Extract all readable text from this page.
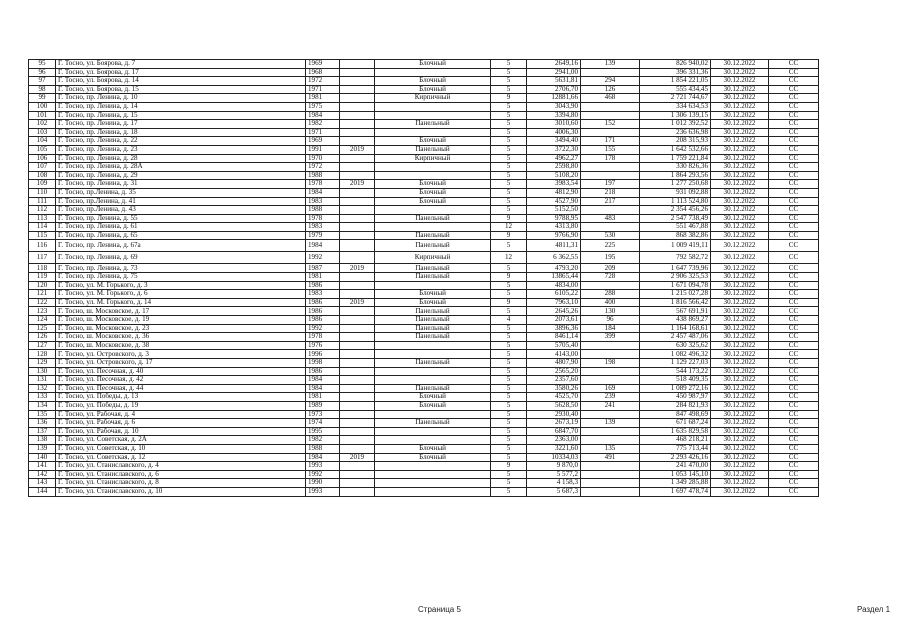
95	Г. Тосно, ул. Боярова, д. 7	1969		Блочный	5	2649,16	139	826 940,02	30.12.2022	СС
96	Г. Тосно, ул. Боярова, д. 17	1968			5	2941,00		396 331,36	30.12.2022	СС
97	Г. Тосно, ул. Боярова, д. 14	1972		Блочный	5	5631,81	294	1 854 221,05	30.12.2022	СС
98	Г. Тосно, ул. Боярова, д. 15	1971		Блочный	5	2706,70	126	555 434,45	30.12.2022	СС
99	Г. Тосно, пр. Ленина, д. 10	1981		Кирпичный	9	12881,66	468	2 721 744,67	30.12.2022	СС
100	Г. Тосно, пр. Ленина, д. 14	1975			5	3043,90		334 634,53	30.12.2022	СС
101	Г. Тосно, пр. Ленина, д. 15	1984			5	3394,80		1 306 139,15	30.12.2022	СС
102	Г. Тосно, пр. Ленина, д. 17	1982		Панельный	5	3010,60	152	1 012 392,52	30.12.2022	СС
103	Г. Тосно, пр. Ленина, д. 18	1971			5	4006,30		236 636,98	30.12.2022	СС
104	Г. Тосно, пр. Ленина, д. 22	1969		Блочный	5	3494,40	171	208 315,93	30.12.2022	СС
105	Г. Тосно, пр. Ленина, д. 23	1991	2019	Панельный	5	3722,30	155	1 642 532,66	30.12.2022	СС
106	Г. Тосно, пр. Ленина, д. 28	1970		Кирпичный	5	4962,27	178	1 759 221,84	30.12.2022	СС
107	Г. Тосно, пр. Ленина, д. 28А	1972			5	2598,80		330 826,36	30.12.2022	СС
108	Г. Тосно, пр. Ленина, д. 29	1988			5	5108,20		1 864 293,56	30.12.2022	СС
109	Г. Тосно, пр. Ленина, д. 31	1978	2019	Блочный	5	3983,54	197	1 277 250,68	30.12.2022	СС
110	Г. Тосно, пр.Ленина, д. 35	1984		Блочный	5	4812,90	218	931 092,88	30.12.2022	СС
111	Г. Тосно, пр.Ленина, д. 41	1983		Блочный	5	4527,90	217	1 113 524,80	30.12.2022	СС
112	Г. Тосно, пр.Ленина, д. 43	1988			5	5152,50		2 354 456,26	30.12.2022	СС
113	Г. Тосно, пр. Ленина, д. 55	1978		Панельный	9	9788,95	483	2 547 738,49	30.12.2022	СС
114	Г. Тосно, пр. Ленина, д. 61	1983			12	4313,80		551 467,88	30.12.2022	СС
115	Г. Тосно, пр. Ленина, д. 65	1979		Панельный	9	9766,90	530	868 382,86	30.12.2022	СС
116	Г. Тосно, пр. Ленина, д. 67а	1984		Панельный	5	4811,31	225	1 009 419,11	30.12.2022	СС
117	Г. Тосно, пр. Ленина, д. 69	1992		Кирпичный	12	6 362,55	195	792 582,72	30.12.2022	СС
118	Г. Тосно, пр. Ленина, д. 73	1987	2019	Панельный	5	4793,20	209	1 647 739,96	30.12.2022	СС
119	Г. Тосно, пр. Ленина, д. 75	1981		Панельный	9	13865,44	728	2 906 325,53	30.12.2022	СС
120	Г. Тосно, ул. М. Горького, д. 3	1986			5	4834,00		1 671 094,78	30.12.2022	СС
121	Г. Тосно, ул. М. Горького, д. 6	1983		Блочный	5	6105,22	288	1 215 027,28	30.12.2022	СС
122	Г. Тосно, ул. М. Горького, д. 14	1986	2019	Блочный	9	7963,10	400	1 816 566,42	30.12.2022	СС
123	Г. Тосно, ш. Московское, д. 17	1986		Панельный	5	2645,26	130	567 691,91	30.12.2022	СС
124	Г. Тосно, ш. Московское, д. 19	1986		Панельный	4	2073,61	96	438 869,27	30.12.2022	СС
125	Г. Тосно, ш. Московское, д. 23	1992		Панельный	5	3896,36	184	1 164 168,61	30.12.2022	СС
126	Г. Тосно, ш. Московское, д. 36	1978		Панельный	5	8461,14	399	2 457 487,06	30.12.2022	СС
127	Г. Тосно, ш. Московское, д. 38	1976			5	5705,40		630 325,62	30.12.2022	СС
128	Г. Тосно, ул. Островского, д. 3	1996			5	4143,00		1 082 496,32	30.12.2022	СС
129	Г. Тосно, ул. Островского, д. 17	1998		Панельный	5	4807,90	198	1 129 227,03	30.12.2022	СС
130	Г. Тосно, ул. Песочная, д. 40	1986			5	2565,20		544 173,22	30.12.2022	СС
131	Г. Тосно, ул. Песочная, д. 42	1984			5	2357,60		518 409,35	30.12.2022	СС
132	Г. Тосно, ул. Песочная, д. 44	1984		Панельный	5	3580,26	169	1 089 272,16	30.12.2022	СС
133	Г. Тосно, ул. Победы, д. 13	1981		Блочный	5	4525,70	239	450 987,97	30.12.2022	СС
134	Г. Тосно, ул. Победы, д. 19	1989		Блочный	5	5628,50	241	284 821,93	30.12.2022	СС
135	Г. Тосно, ул. Рабочая, д. 4	1973			5	2930,40		847 498,69	30.12.2022	СС
136	Г. Тосно, ул. Рабочая, д. 6	1974		Панельный	5	2673,19	139	671 687,24	30.12.2022	СС
137	Г. Тосно, ул. Рабочая, д. 10	1995			5	6847,70		1 635 829,58	30.12.2022	СС
138	Г. Тосно, ул. Советская, д. 2А	1982			5	2363,00		468 218,21	30.12.2022	СС
139	Г. Тосно, ул. Советская, д. 10	1988		Блочный	5	3221,60	135	775 713,44	30.12.2022	СС
140	Г. Тосно, ул. Советская, д. 12	1984	2019	Блочный	5	10334,03	491	2 293 426,16	30.12.2022	СС
141	Г. Тосно, ул. Станиславского, д. 4	1993			9	9 870,0		241 470,00	30.12.2022	СС
142	Г. Тосно, ул. Станиславского, д. 6	1992			5	5 577,2		1 053 145,10	30.12.2022	СС
143	Г. Тосно, ул. Станиславского, д. 8	1990			5	4 158,3		1 349 285,88	30.12.2022	СС
144	Г. Тосно, ул. Станиславского, д. 10	1993			5	5 687,3		1 697 478,74	30.12.2022	СС
Страница 5	Раздел 1
